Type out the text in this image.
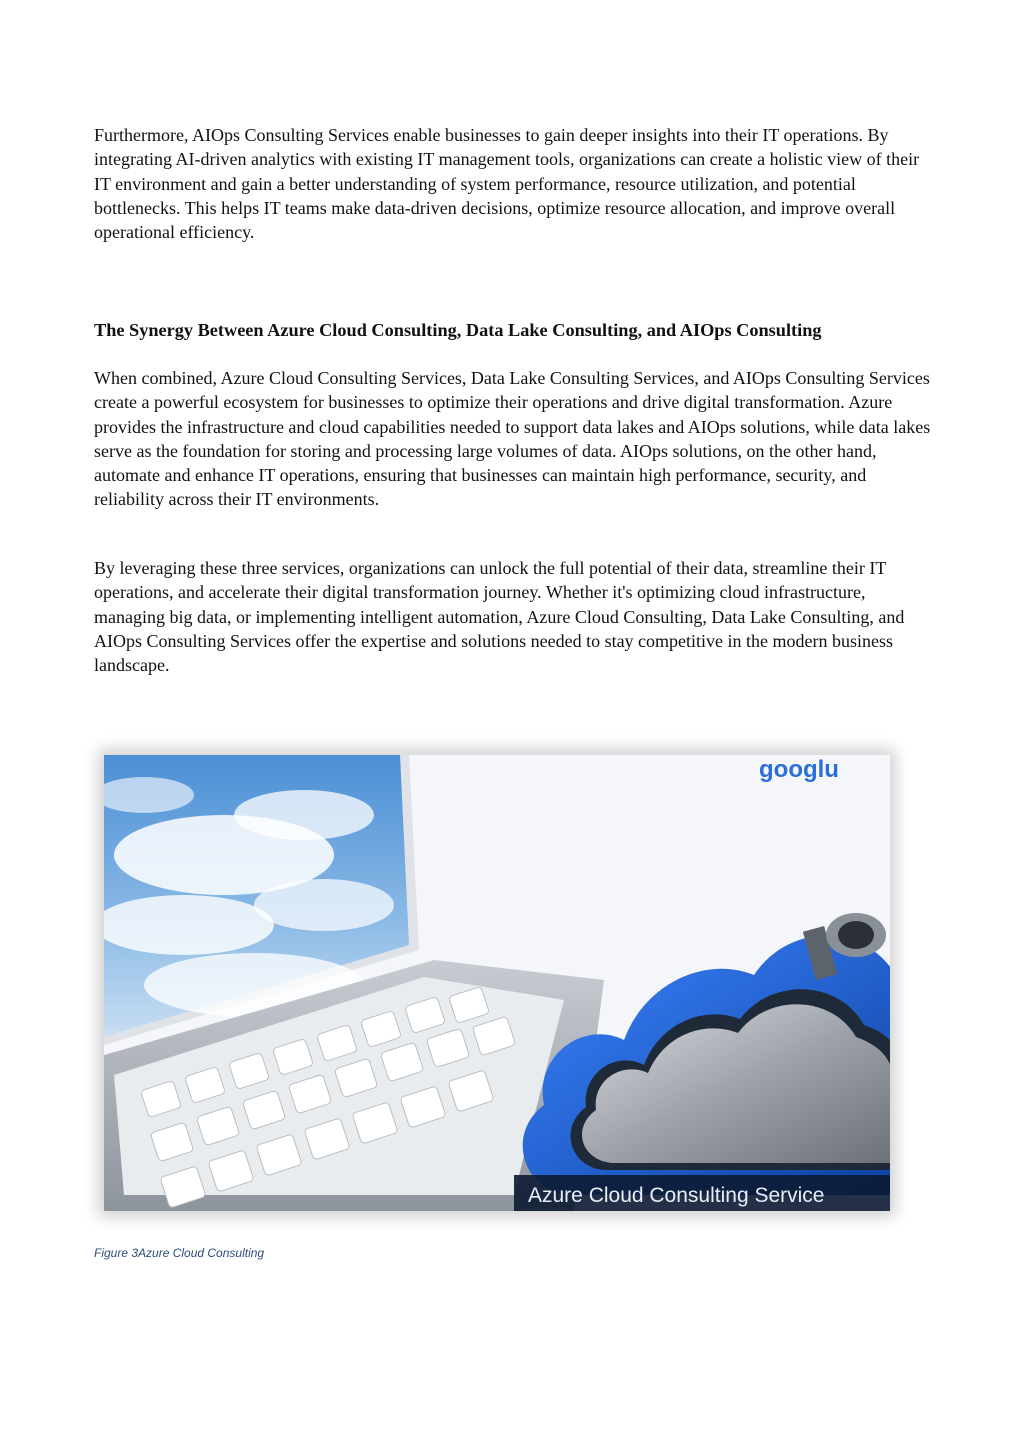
Furthermore, AIOps Consulting Services enable businesses to gain deeper insights into their IT operations. By integrating AI-driven analytics with existing IT management tools, organizations can create a holistic view of their IT environment and gain a better understanding of system performance, resource utilization, and potential bottlenecks. This helps IT teams make data-driven decisions, optimize resource allocation, and improve overall operational efficiency.

The Synergy Between Azure Cloud Consulting, Data Lake Consulting, and AIOps Consulting

When combined, Azure Cloud Consulting Services, Data Lake Consulting Services, and AIOps Consulting Services create a powerful ecosystem for businesses to optimize their operations and drive digital transformation. Azure provides the infrastructure and cloud capabilities needed to support data lakes and AIOps solutions, while data lakes serve as the foundation for storing and processing large volumes of data. AIOps solutions, on the other hand, automate and enhance IT operations, ensuring that businesses can maintain high performance, security, and reliability across their IT environments.

By leveraging these three services, organizations can unlock the full potential of their data, streamline their IT operations, and accelerate their digital transformation journey. Whether it's optimizing cloud infrastructure, managing big data, or implementing intelligent automation, Azure Cloud Consulting, Data Lake Consulting, and AIOps Consulting Services offer the expertise and solutions needed to stay competitive in the modern business landscape.

googlu
Azure Cloud Consulting Service
Figure 3Azure Cloud Consulting
